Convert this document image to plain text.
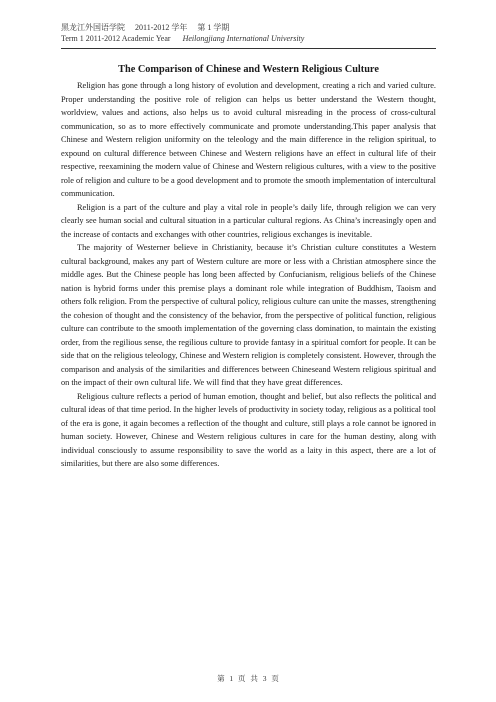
黑龙江外国语学院 2011-2012 学年 第 1 学期
Term 1 2011-2012 Academic Year Heilongjiang International University
The Comparison of Chinese and Western Religious Culture

Religion has gone through a long history of evolution and development, creating a rich and varied culture. Proper understanding the positive role of religion can helps us better understand the Western thought, worldview, values and actions, also helps us to avoid cultural misreading in the process of cross-cultural communication, so as to more effectively communicate and promote understanding.This paper analysis that Chinese and Western religion uniformity on the teleology and the main difference in the religion spiritual, to expound on cultural difference between Chinese and Western religions have an effect in cultural life of their respective, reexamining the modern value of Chinese and Western religious cultures, with a view to the positive role of religion and culture to be a good development and to promote the smooth implementation of intercultural communication.

Religion is a part of the culture and play a vital role in people’s daily life, through religion we can very clearly see human social and cultural situation in a particular cultural regions. As China’s increasingly open and the increase of contacts and exchanges with other countries, religious exchanges is inevitable.

The majority of Westerner believe in Christianity, because it’s Christian culture constitutes a Western cultural background, makes any part of Western culture are more or less with a Christian atmosphere since the middle ages. But the Chinese people has long been affected by Confucianism, religious beliefs of the Chinese nation is hybrid forms under this premise plays a dominant role while integration of Buddhism, Taoism and others folk religion. From the perspective of cultural policy, religious culture can unite the masses, strengthening the cohesion of thought and the consistency of the behavior, from the perspective of political function, religious culture can contribute to the smooth implementation of the governing class domination, to maintain the existing order, from the regilious sense, the regilious culture to provide fantasy in a spiritual comfort for people. It can be side that on the religious teleology, Chinese and Western religion is completely consistent. However, through the comparison and analysis of the similarities and differences between Chineseand Western religious spiritual and on the impact of their own cultural life. We will find that they have great differences.

Religious culture reflects a period of human emotion, thought and belief, but also reflects the political and cultural ideas of that time period. In the higher levels of productivity in society today, religious as a political tool of the era is gone, it again becomes a reflection of the thought and culture, still plays a role cannot be ignored in human society. However, Chinese and Western religious cultures in care for the human destiny, along with individual consciously to assume responsibility to save the world as a laity in this aspect, there are a lot of similarities, but there are also some differences.

第 1 页 共 3 页
